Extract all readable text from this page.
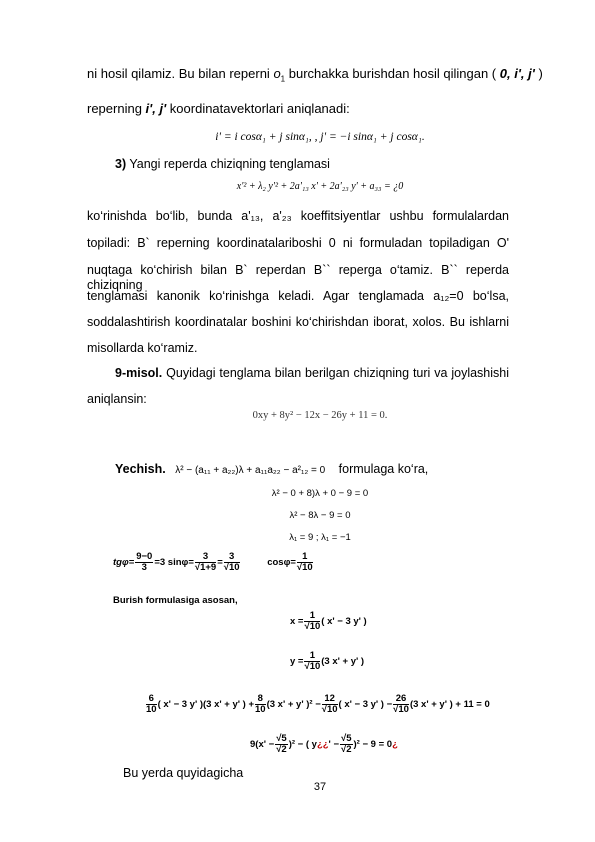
ni hosil qilamiz. Bu bilan reperni $o_1$ burchakka burishdan hosil qilingan ( 0, i', j' )
reperning i', j' koordinatavektorlari aniqlanadi:
i' = i cosα₁ + j sinα₁, , j' = −i sinα₁ + j cosα₁.
3) Yangi reperda chiziqning tenglamasi
x'² + λ₂ y'² + 2a'₁₃ x' + 2a'₂₃ y' + a₃₃ = ¿0
ko‘rinishda bo‘lib, bunda a'₁₃, a'₂₃ koeffitsiyentlar ushbu formulalardan
topiladi: B` reperning koordinatalariboshi 0 ni formuladan topiladigan O'
nuqtaga ko‘chirish bilan B` reperdan B`` reperga o‘tamiz. B`` reperda chiziqning
tenglamasi kanonik ko‘rinishga keladi. Agar tenglamada a₁₂=0 bo‘lsa,
soddalashtirish koordinatalar boshini ko‘chirishdan iborat, xolos. Bu ishlarni
misollarda ko‘ramiz.
9-misol. Quyidagi tenglama bilan berilgan chiziqning turi va joylashishi
aniqlansin:
0xy + 8y² − 12x − 26y + 11 = 0.
Yechish. λ² − (a₁₁ + a₂₂)λ + a₁₁a₂₂ − a²₁₂ = 0 formulaga ko‘ra,
λ² − 0 + 8)λ + 0 − 9 = 0
λ² − 8λ − 9 = 0
λ₁ = 9 ; λ₁ = −1
$tg\varphi= \frac{9-0}{3} =3$ $\sin\varphi= \frac{3}{√1+9} = \frac{3}{√10}$	$\cos\varphi= \frac{1}{√10}$
Burish formulasiga asosan,
$x = \frac{1}{√10}$ ( x' − 3 y' )
$y = \frac{1}{√10} (3$ x' + y' )
$\frac{6}{10}$ ( x' − 3 y' )(3 x' + y' ) + $\frac{8}{10} (3$ x' + y' )$^2 - \frac{12}{√10}$ ( x' − 3 y' ) − $\frac{26}{√10} (3$ x' + y' ) + 11 = 0
$9(x' - \frac{√5}{√2} )^2$ − ( y¿¿' − $\frac{√5}{√2} )^2 - 9$ = 0¿
Bu yerda quyidagicha
37
